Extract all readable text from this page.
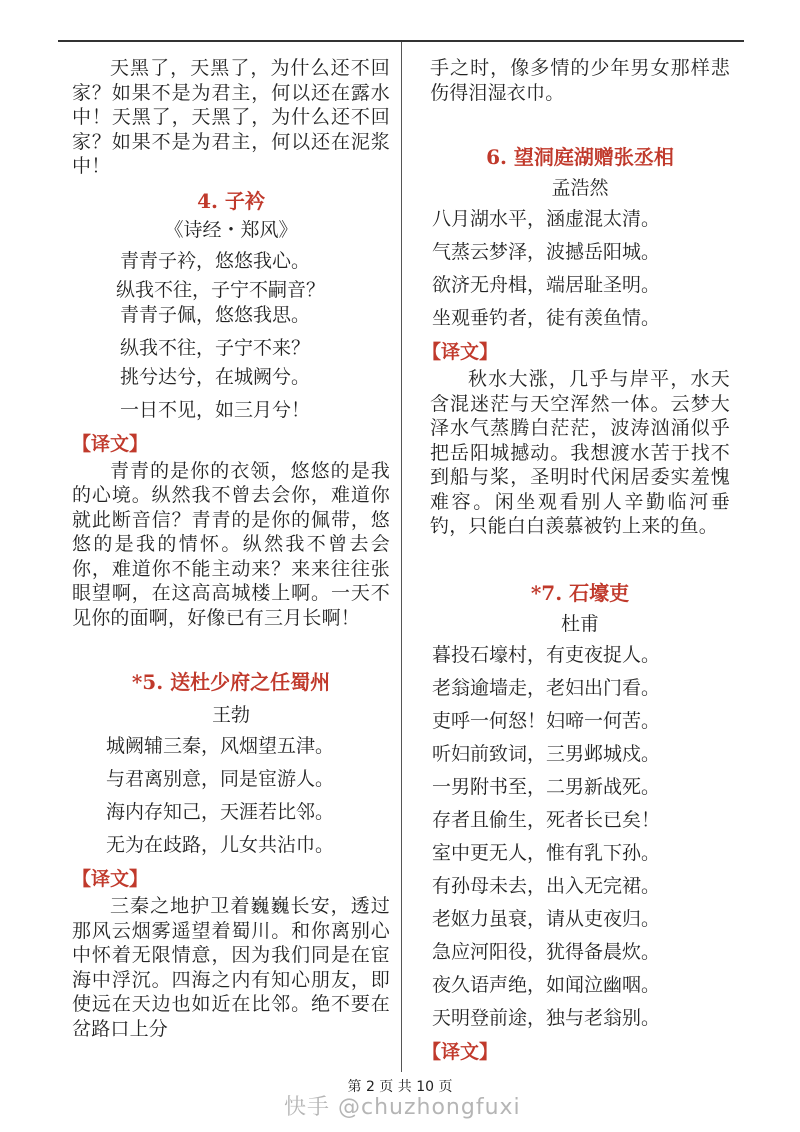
天黑了，天黑了，为什么还不回家？如果不是为君主，何以还在露水中！天黑了，天黑了，为什么还不回家？如果不是为君主，何以还在泥浆中！

4. 子衿
《诗经・郑风》
青青子衿，悠悠我心。
纵我不往，子宁不嗣音？
青青子佩，悠悠我思。
纵我不往，子宁不来？
挑兮达兮，在城阙兮。
一日不见，如三月兮！
【译文】

青青的是你的衣领，悠悠的是我的心境。纵然我不曾去会你，难道你就此断音信？青青的是你的佩带，悠悠的是我的情怀。纵然我不曾去会你，难道你不能主动来？来来往往张眼望啊，在这高高城楼上啊。一天不见你的面啊，好像已有三月长啊！

*5. 送杜少府之任蜀州
王勃
城阙辅三秦，风烟望五津。
与君离别意，同是宦游人。
海内存知己，天涯若比邻。
无为在歧路，儿女共沾巾。
【译文】

三秦之地护卫着巍巍长安，透过那风云烟雾遥望着蜀川。和你离别心中怀着无限情意，因为我们同是在宦海中浮沉。四海之内有知心朋友，即使远在天边也如近在比邻。绝不要在岔路口上分

手之时，像多情的少年男女那样悲伤得泪湿衣巾。

6. 望洞庭湖赠张丞相
孟浩然
八月湖水平，涵虚混太清。
气蒸云梦泽，波撼岳阳城。
欲济无舟楫，端居耻圣明。
坐观垂钓者，徒有羡鱼情。
【译文】

秋水大涨，几乎与岸平，水天含混迷茫与天空浑然一体。云梦大泽水气蒸腾白茫茫，波涛汹涌似乎把岳阳城撼动。我想渡水苦于找不到船与桨，圣明时代闲居委实羞愧难容。闲坐观看别人辛勤临河垂钓，只能白白羡慕被钓上来的鱼。

*7. 石壕吏
杜甫
暮投石壕村，有吏夜捉人。
老翁逾墙走，老妇出门看。
吏呼一何怒！妇啼一何苦。
听妇前致词，三男邺城戍。
一男附书至，二男新战死。
存者且偷生，死者长已矣！
室中更无人，惟有乳下孙。
有孙母未去，出入无完裙。
老妪力虽衰，请从吏夜归。
急应河阳役，犹得备晨炊。
夜久语声绝，如闻泣幽咽。
天明登前途，独与老翁别。
【译文】
第 2 页 共 10 页
快手 @chuzhongfuxi
